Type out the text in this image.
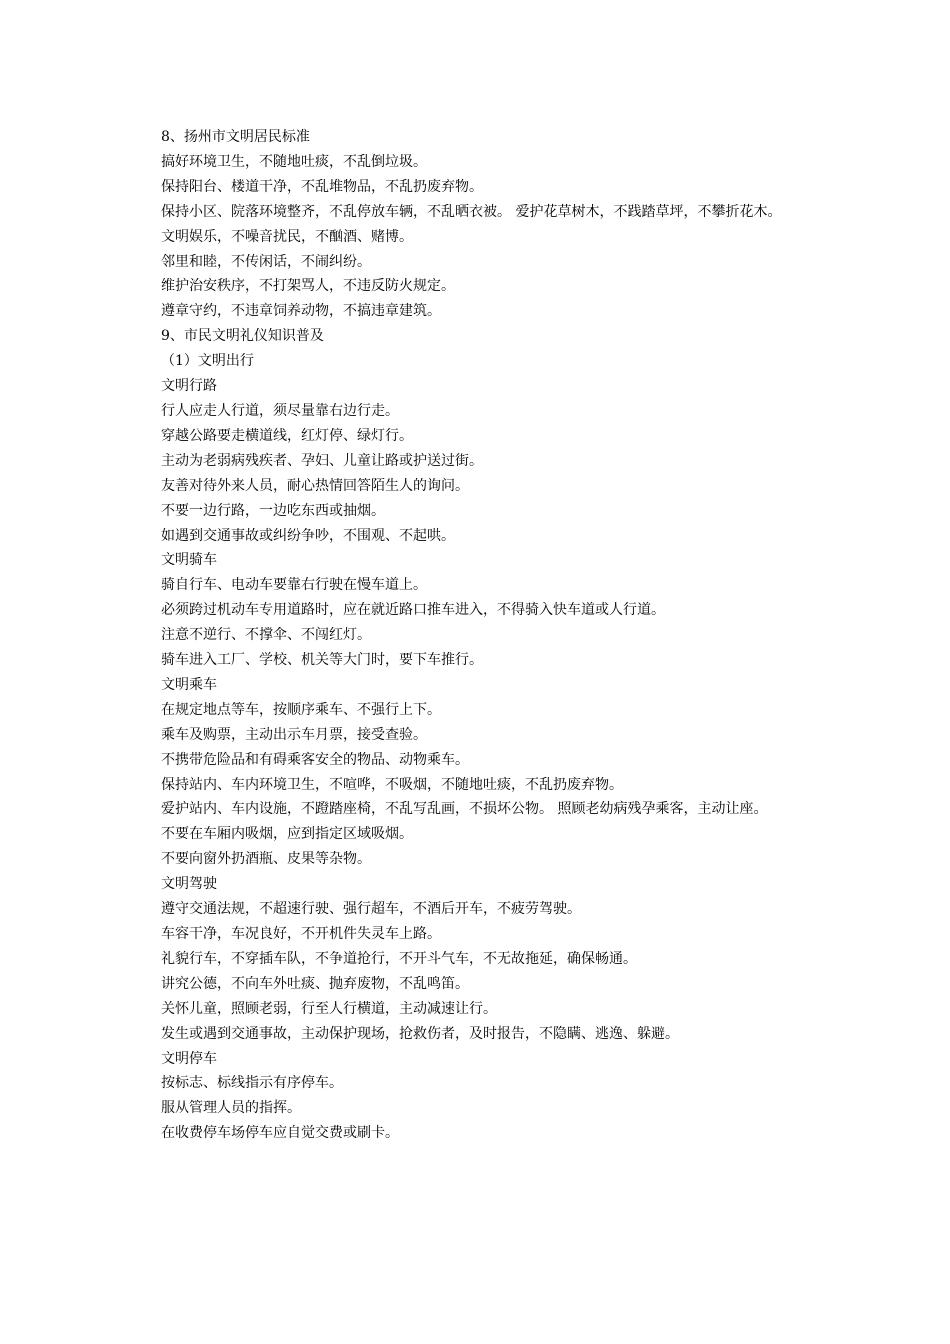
8、扬州市文明居民标准

搞好环境卫生，不随地吐痰，不乱倒垃圾。

保持阳台、楼道干净，不乱堆物品，不乱扔废弃物。

保持小区、院落环境整齐，不乱停放车辆，不乱晒衣被。 爱护花草树木，不践踏草坪，不攀折花木。

文明娱乐，不噪音扰民，不酗酒、赌博。

邻里和睦，不传闲话，不闹纠纷。

维护治安秩序，不打架骂人，不违反防火规定。

遵章守约，不违章饲养动物，不搞违章建筑。

9、市民文明礼仪知识普及

（1）文明出行

文明行路

行人应走人行道，须尽量靠右边行走。

穿越公路要走横道线，红灯停、绿灯行。

主动为老弱病残疾者、孕妇、儿童让路或护送过街。

友善对待外来人员，耐心热情回答陌生人的询问。

不要一边行路，一边吃东西或抽烟。

如遇到交通事故或纠纷争吵，不围观、不起哄。

文明骑车

骑自行车、电动车要靠右行驶在慢车道上。

必须跨过机动车专用道路时，应在就近路口推车进入，不得骑入快车道或人行道。

注意不逆行、不撑伞、不闯红灯。

骑车进入工厂、学校、机关等大门时，要下车推行。

文明乘车

在规定地点等车，按顺序乘车、不强行上下。

乘车及购票，主动出示车月票，接受查验。

不携带危险品和有碍乘客安全的物品、动物乘车。

保持站内、车内环境卫生，不喧哗，不吸烟，不随地吐痰，不乱扔废弃物。

爱护站内、车内设施，不蹬踏座椅，不乱写乱画，不损坏公物。 照顾老幼病残孕乘客，主动让座。

不要在车厢内吸烟，应到指定区域吸烟。

不要向窗外扔酒瓶、皮果等杂物。

文明驾驶

遵守交通法规，不超速行驶、强行超车，不酒后开车，不疲劳驾驶。

车容干净，车况良好，不开机件失灵车上路。

礼貌行车，不穿插车队，不争道抢行，不开斗气车，不无故拖延，确保畅通。

讲究公德，不向车外吐痰、抛弃废物，不乱鸣笛。

关怀儿童，照顾老弱，行至人行横道，主动减速让行。

发生或遇到交通事故，主动保护现场，抢救伤者，及时报告，不隐瞒、逃逸、躲避。

文明停车

按标志、标线指示有序停车。

服从管理人员的指挥。

在收费停车场停车应自觉交费或刷卡。
